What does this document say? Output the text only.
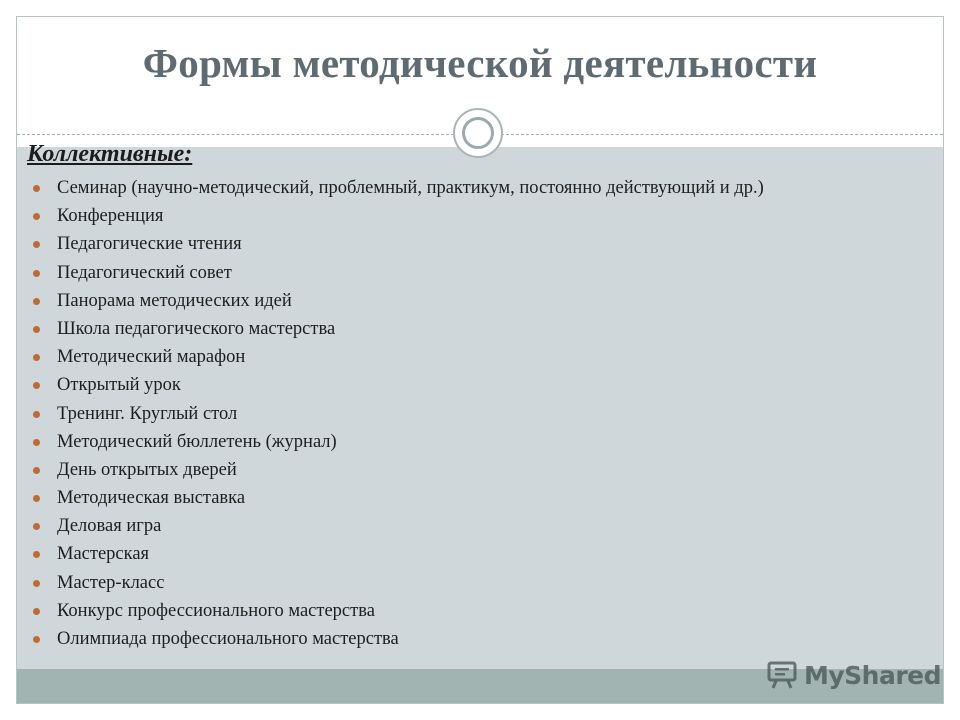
Формы методической деятельности
Коллективные:
Семинар (научно-методический, проблемный, практикум, постоянно действующий и др.)
Конференция
Педагогические чтения
Педагогический совет
Панорама методических идей
Школа педагогического мастерства
Методический марафон
Открытый урок
Тренинг. Круглый стол
Методический бюллетень (журнал)
День открытых дверей
Методическая выставка
Деловая игра
Мастерская
Мастер-класс
Конкурс профессионального мастерства
Олимпиада профессионального мастерства
MyShared
